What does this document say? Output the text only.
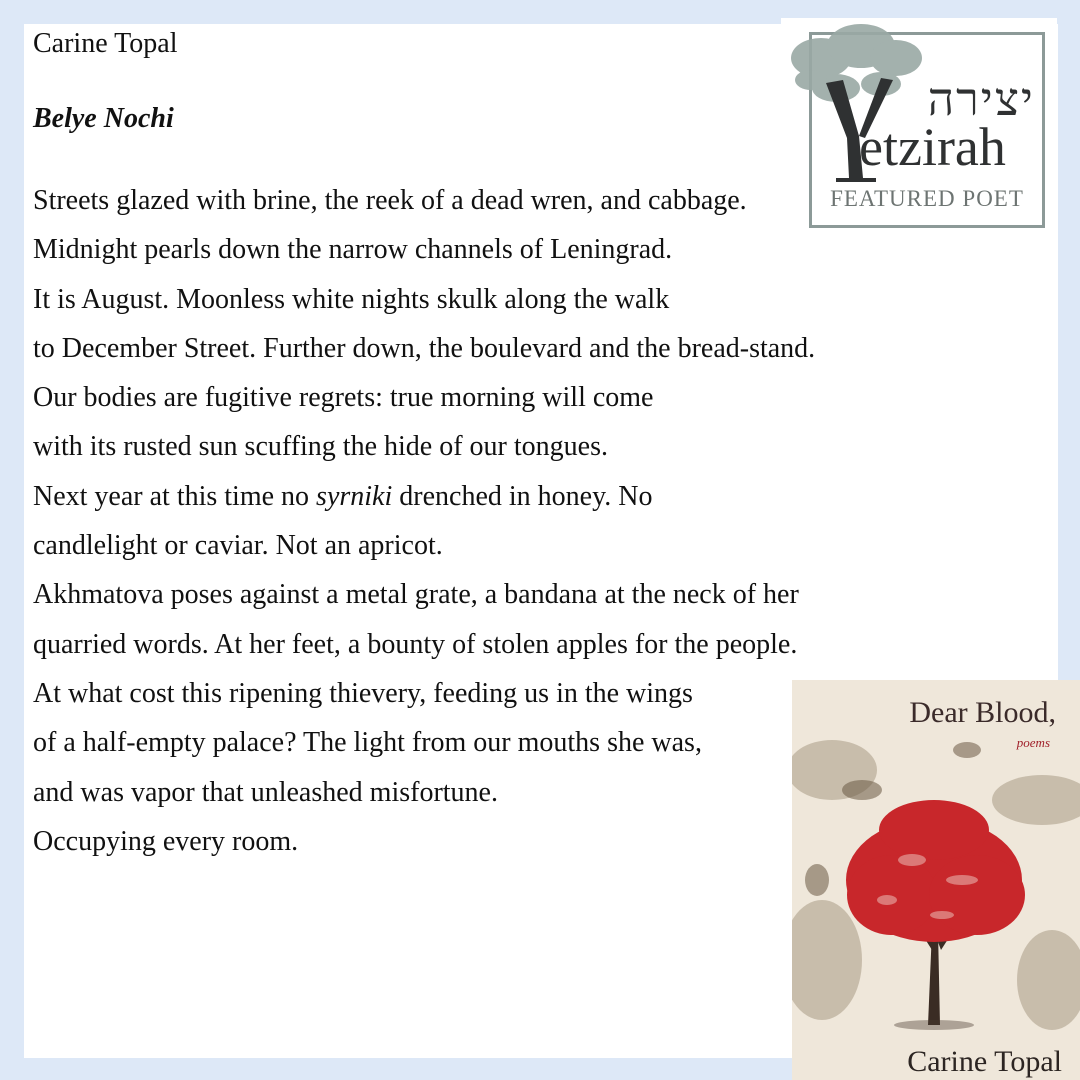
Carine Topal

Belye Nochi

Streets glazed with brine, the reek of a dead wren, and cabbage.
Midnight pearls down the narrow channels of Leningrad.
It is August. Moonless white nights skulk along the walk
to December Street. Further down, the boulevard and the bread-stand.
Our bodies are fugitive regrets: true morning will come
with its rusted sun scuffing the hide of our tongues.
Next year at this time no syrniki drenched in honey. No
candlelight or caviar. Not an apricot.
Akhmatova poses against a metal grate, a bandana at the neck of her
quarried words. At her feet, a bounty of stolen apples for the people.
At what cost this ripening thievery, feeding us in the wings
of a half-empty palace? The light from our mouths she was,
and was vapor that unleashed misfortune.
Occupying every room.
יצירה
etzirah
FEATURED POET
Dear Blood,
poems
Carine Topal
